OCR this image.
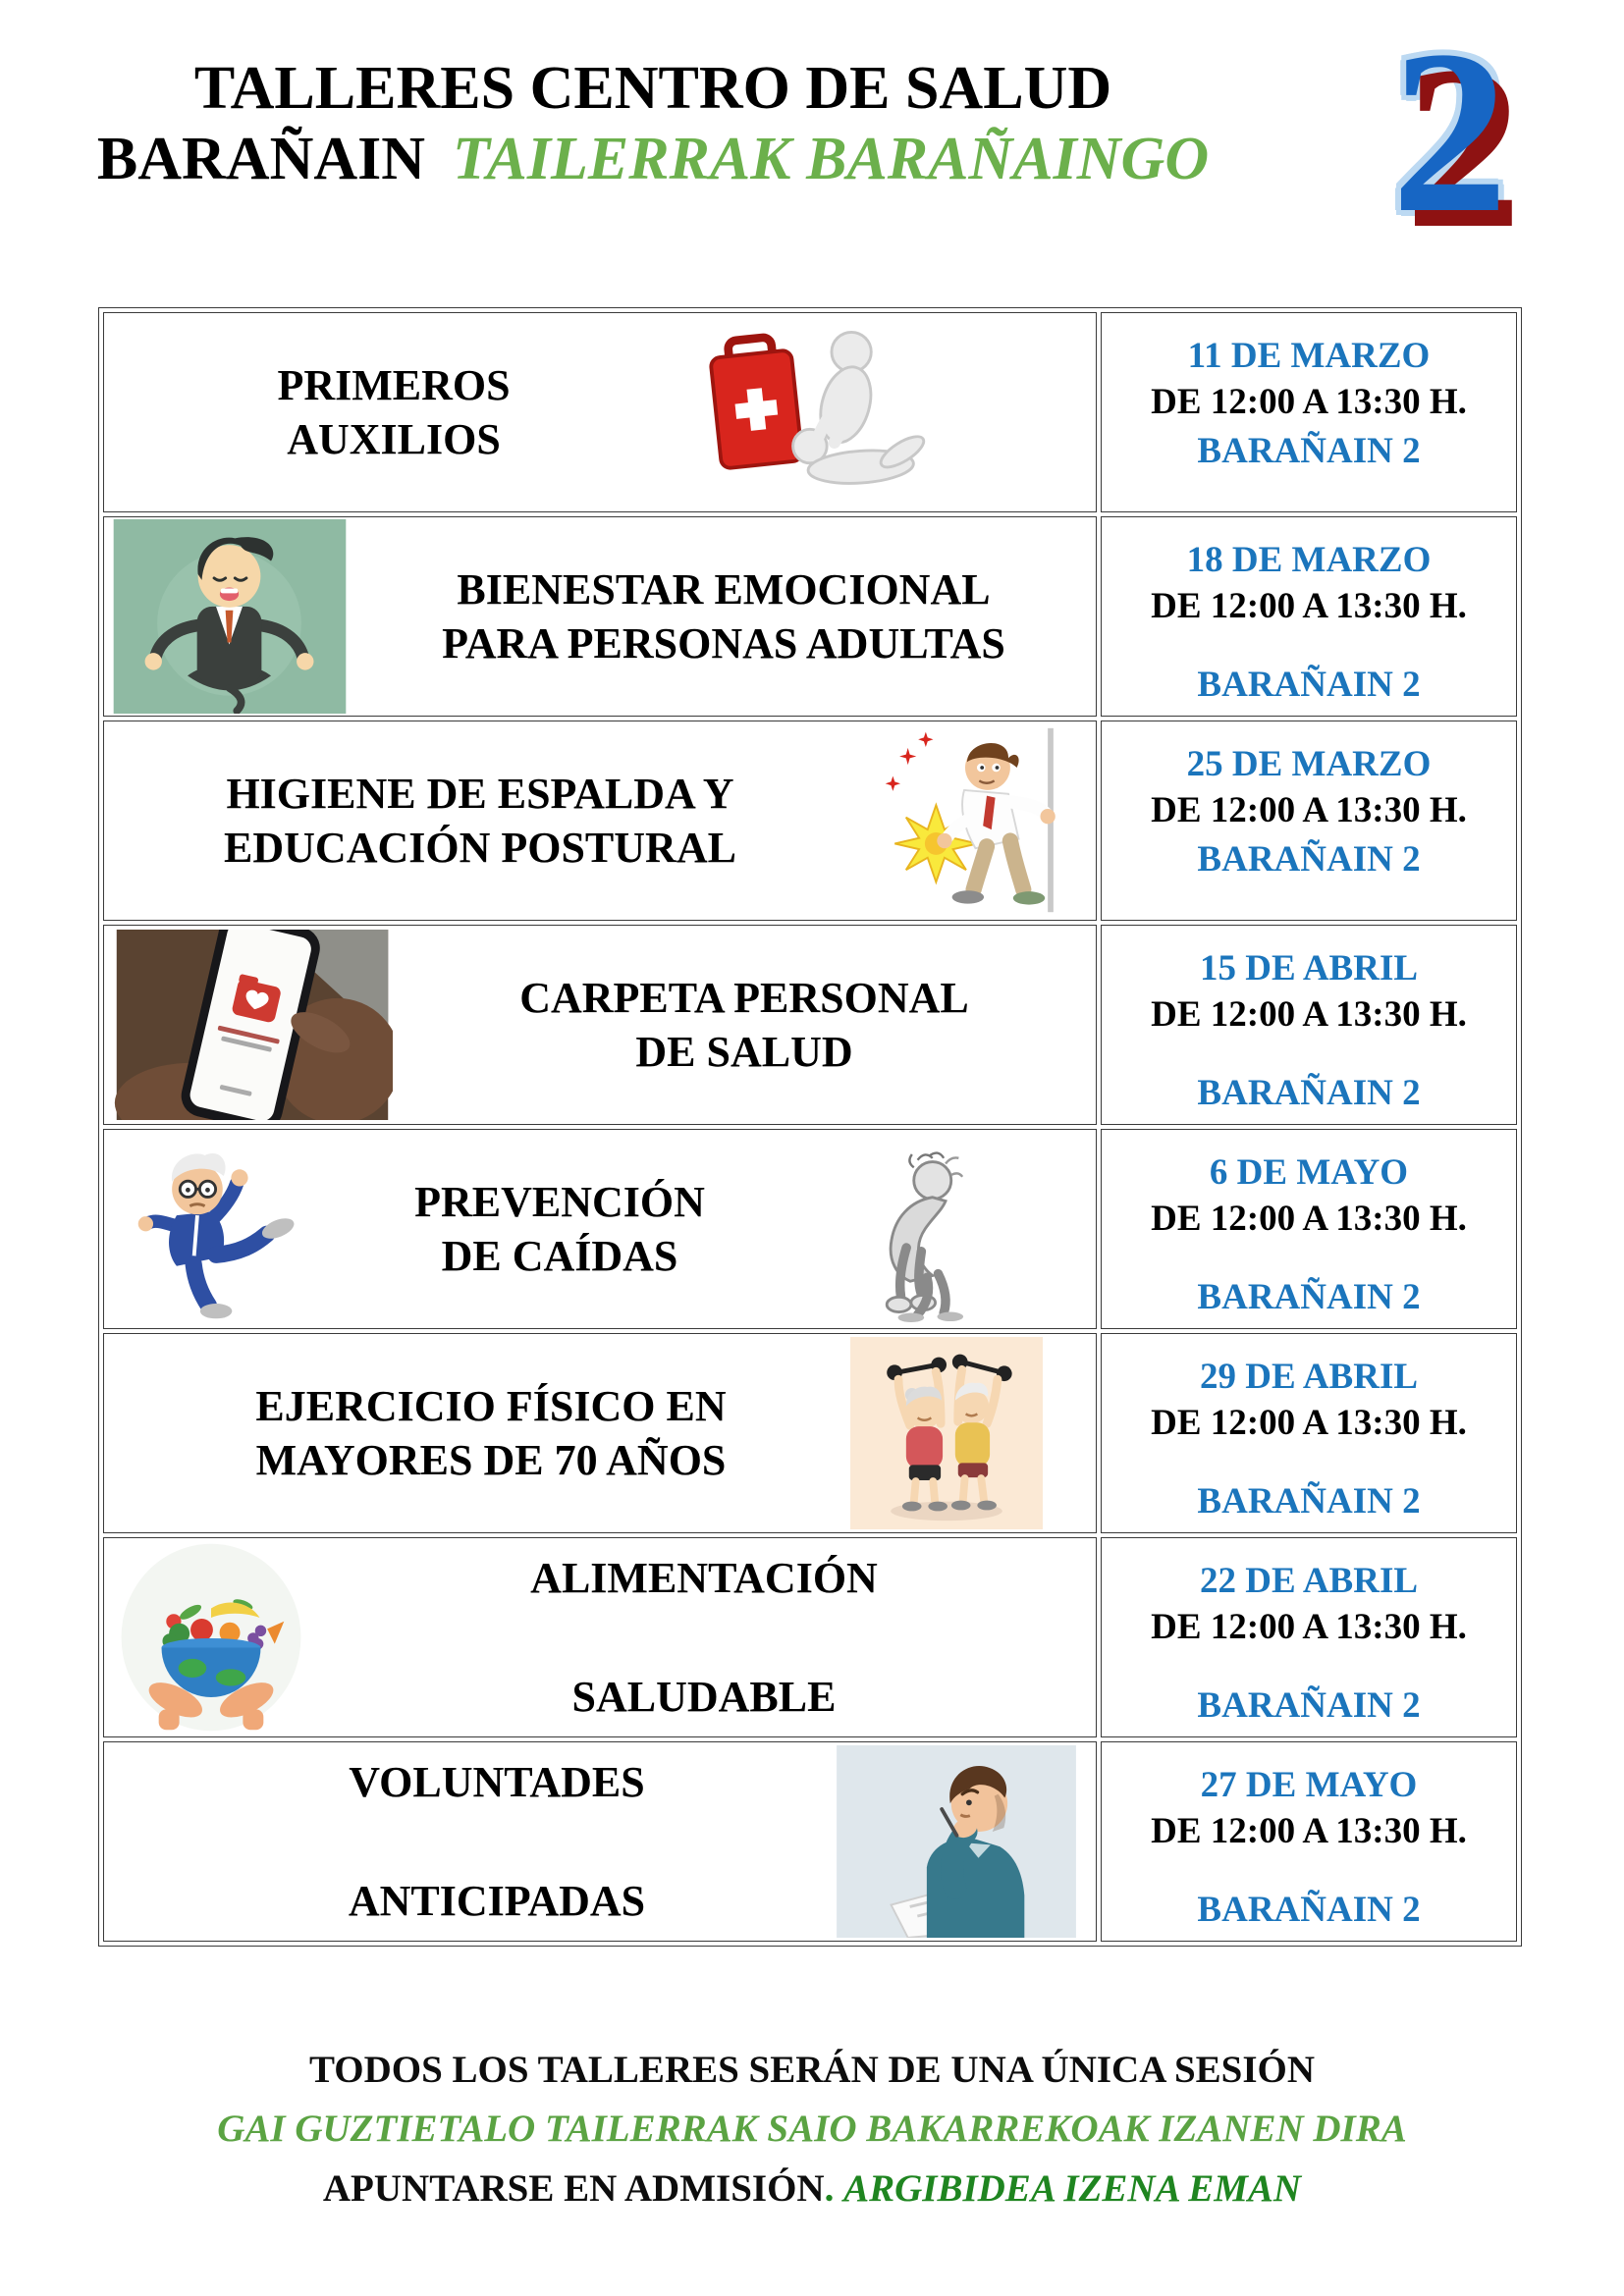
TALLERES CENTRO DE SALUD
BARAÑAIN TAILERRAK BARAÑAINGO 2
PRIMEROS
AUXILIOS

11 DE MARZO
DE 12:00 A 13:30 H.
BARAÑAIN 2

BIENESTAR EMOCIONAL
PARA PERSONAS ADULTAS

18 DE MARZO
DE 12:00 A 13:30 H.
BARAÑAIN 2

HIGIENE DE ESPALDA Y
EDUCACIÓN POSTURAL

25 DE MARZO
DE 12:00 A 13:30 H.
BARAÑAIN 2

CARPETA PERSONAL
DE SALUD

15 DE ABRIL
DE 12:00 A 13:30 H.
BARAÑAIN 2

PREVENCIÓN
DE CAÍDAS

6 DE MAYO
DE 12:00 A 13:30 H.
BARAÑAIN 2

EJERCICIO FÍSICO EN
MAYORES DE 70 AÑOS

29 DE ABRIL
DE 12:00 A 13:30 H.
BARAÑAIN 2

ALIMENTACIÓN
SALUDABLE

22 DE ABRIL
DE 12:00 A 13:30 H.
BARAÑAIN 2

VOLUNTADES
ANTICIPADAS

27 DE MAYO
DE 12:00 A 13:30 H.
BARAÑAIN 2
TODOS LOS TALLERES SERÁN DE UNA ÚNICA SESIÓN
GAI GUZTIETALO TAILERRAK SAIO BAKARREKOAK IZANEN DIRA
APUNTARSE EN ADMISIÓN. ARGIBIDEA IZENA EMAN
